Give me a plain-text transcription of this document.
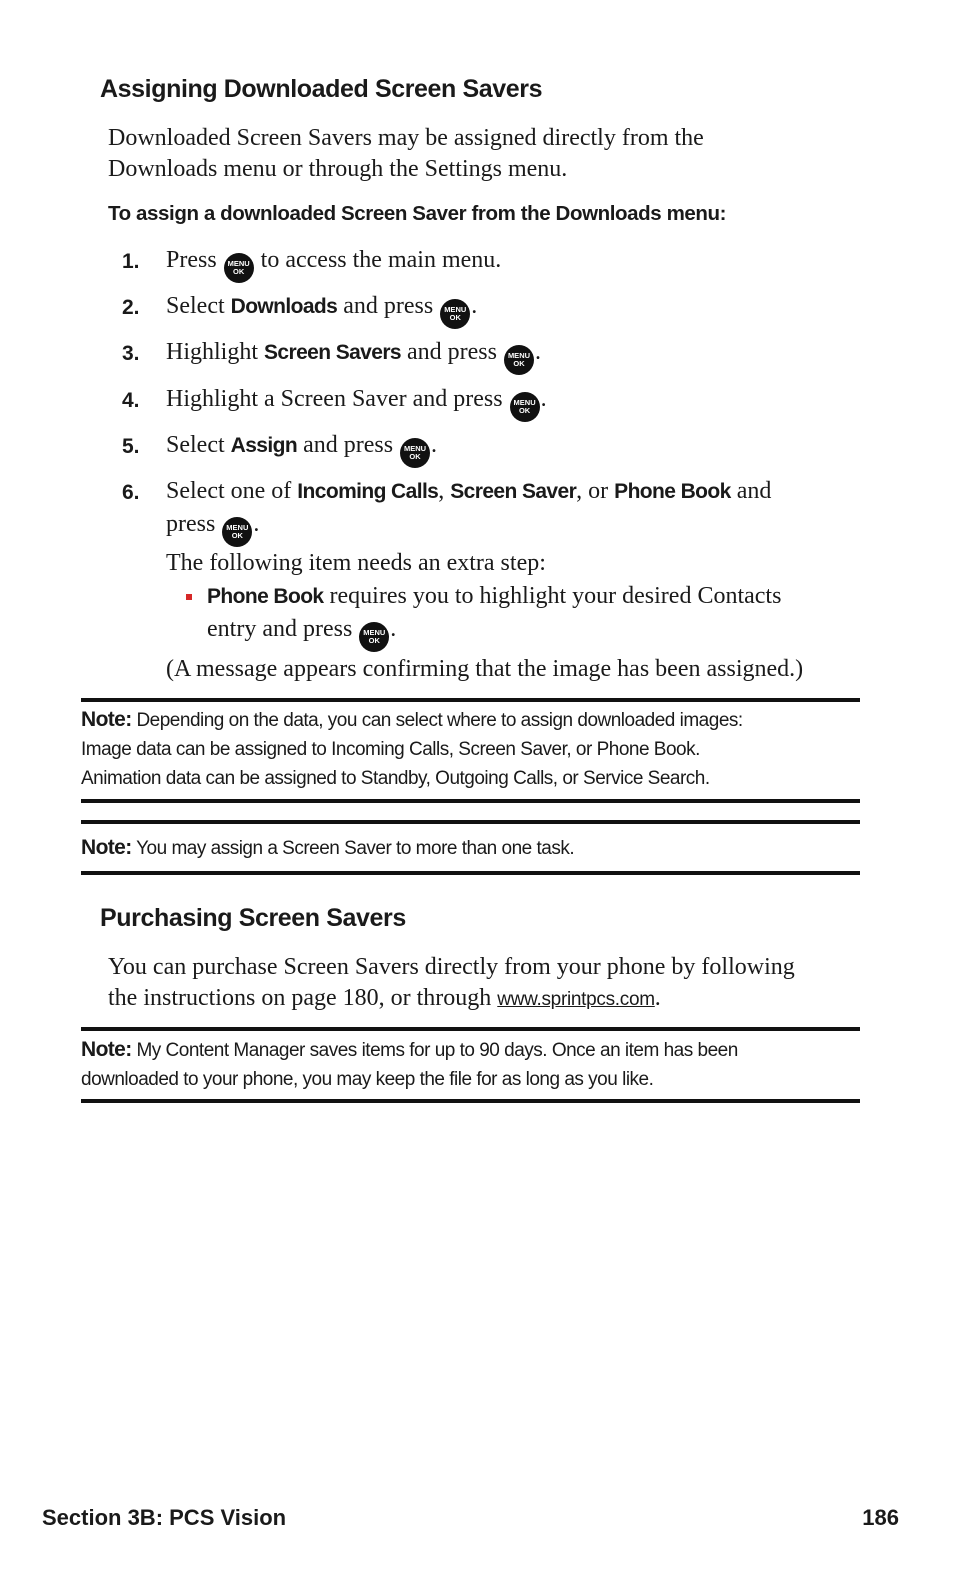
Assigning Downloaded Screen Savers

Downloaded Screen Savers may be assigned directly from the
Downloads menu or through the Settings menu.

To assign a downloaded Screen Saver from the Downloads menu:

1.	Press	MENU
OK to access the main menu.
2.	Select Downloads and press	MENU
OK .
3.	Highlight Screen Savers and press	MENU
OK .
4.	Highlight a Screen Saver and press	MENU
OK .
5.	Select Assign and press	MENU
OK .
6.	Select one of Incoming Calls, Screen Saver, or Phone Book and
press	MENU
OK .
The following item needs an extra step:
Phone Book requires you to highlight your desired Contacts
entry and press	MENU
OK .
(A message appears confirming that the image has been assigned.)

Note: Depending on the data, you can select where to assign downloaded images:
Image data can be assigned to Incoming Calls, Screen Saver, or Phone Book.
Animation data can be assigned to Standby, Outgoing Calls, or Service Search.

Note: You may assign a Screen Saver to more than one task.

Purchasing Screen Savers

You can purchase Screen Savers directly from your phone by following
the instructions on page 180, or through www.sprintpcs.com.

Note: My Content Manager saves items for up to 90 days. Once an item has been
downloaded to your phone, you may keep the file for as long as you like.

Section 3B: PCS Vision	186
